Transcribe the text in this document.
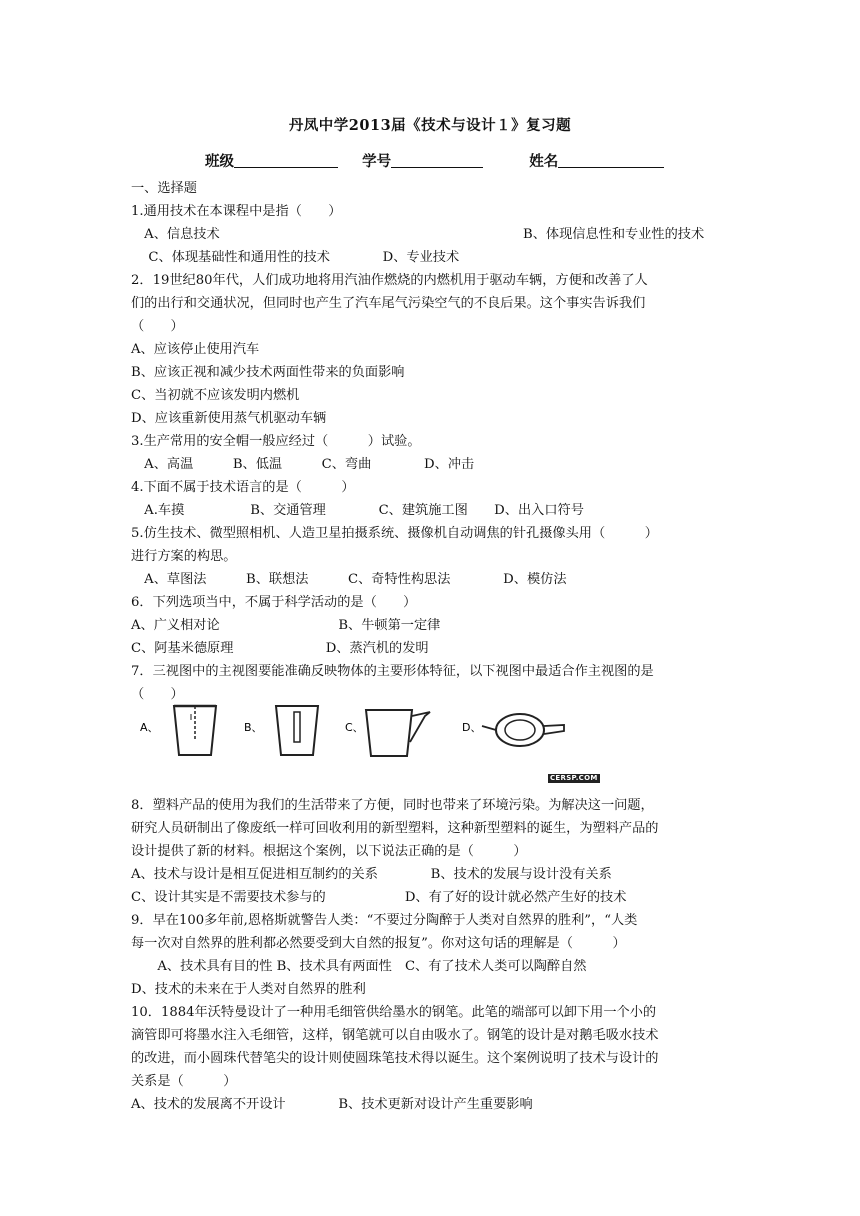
丹凤中学2013届《技术与设计１》复习题
班级	学号	姓名
一、选择题
1.通用技术在本课程中是指（　　）
　A、信息技术
　 C、体现基础性和通用性的技术　　　　D、专业技术
2．19世纪80年代，人们成功地将用汽油作燃烧的内燃机用于驱动车辆，方便和改善了人
们的出行和交通状况，但同时也产生了汽车尾气污染空气的不良后果。这个事实告诉我们
（　　）
A、应该停止使用汽车
B、应该正视和减少技术两面性带来的负面影响
C、当初就不应该发明内燃机
D、应该重新使用蒸气机驱动车辆
3.生产常用的安全帽一般应经过（　　　）试验。
　A、高温　　　B、低温　　　C、弯曲　　　　D、冲击
4.下面不属于技术语言的是（　　　）
　A.车摸　　　　　B、交通管理　　　　C、建筑施工图　　D、出入口符号
5.仿生技术、微型照相机、人造卫星拍摄系统、摄像机自动调焦的针孔摄像头用（　　　）
进行方案的构思。
　A、草图法　　　B、联想法　　　C、奇特性构思法　　　　D、模仿法
6．下列选项当中，不属于科学活动的是（　　）
A、广义相对论　　　　　　　　　B、牛顿第一定律
C、阿基米德原理　　　　　　　D、蒸汽机的发明
7．三视图中的主视图要能准确反映物体的主要形体特征，以下视图中最适合作主视图的是
（　　）
8．塑料产品的使用为我们的生活带来了方便，同时也带来了环境污染。为解决这一问题，
研究人员研制出了像废纸一样可回收利用的新型塑料，这种新型塑料的诞生，为塑料产品的
设计提供了新的材料。根据这个案例，以下说法正确的是（　　　）
A、技术与设计是相互促进相互制约的关系　　　　B、技术的发展与设计没有关系
C、设计其实是不需要技术参与的　　　　　　D、有了好的设计就必然产生好的技术
9．早在100多年前,恩格斯就警告人类：“不要过分陶醉于人类对自然界的胜利”，“人类
每一次对自然界的胜利都必然要受到大自然的报复”。你对这句话的理解是（　　　）
　　A、技术具有目的性 B、技术具有两面性　C、有了技术人类可以陶醉自然
D、技术的未来在于人类对自然界的胜利
10．1884年沃特曼设计了一种用毛细管供给墨水的钢笔。此笔的端部可以卸下用一个小的
滴管即可将墨水注入毛细管，这样，钢笔就可以自由吸水了。钢笔的设计是对鹅毛吸水技术
的改进，而小圆珠代替笔尖的设计则使圆珠笔技术得以诞生。这个案例说明了技术与设计的
关系是（　　　）
A、技术的发展离不开设计　　　　B、技术更新对设计产生重要影响
B、体现信息性和专业性的技术
A、	B、	C、	D、
CERSP.COM
